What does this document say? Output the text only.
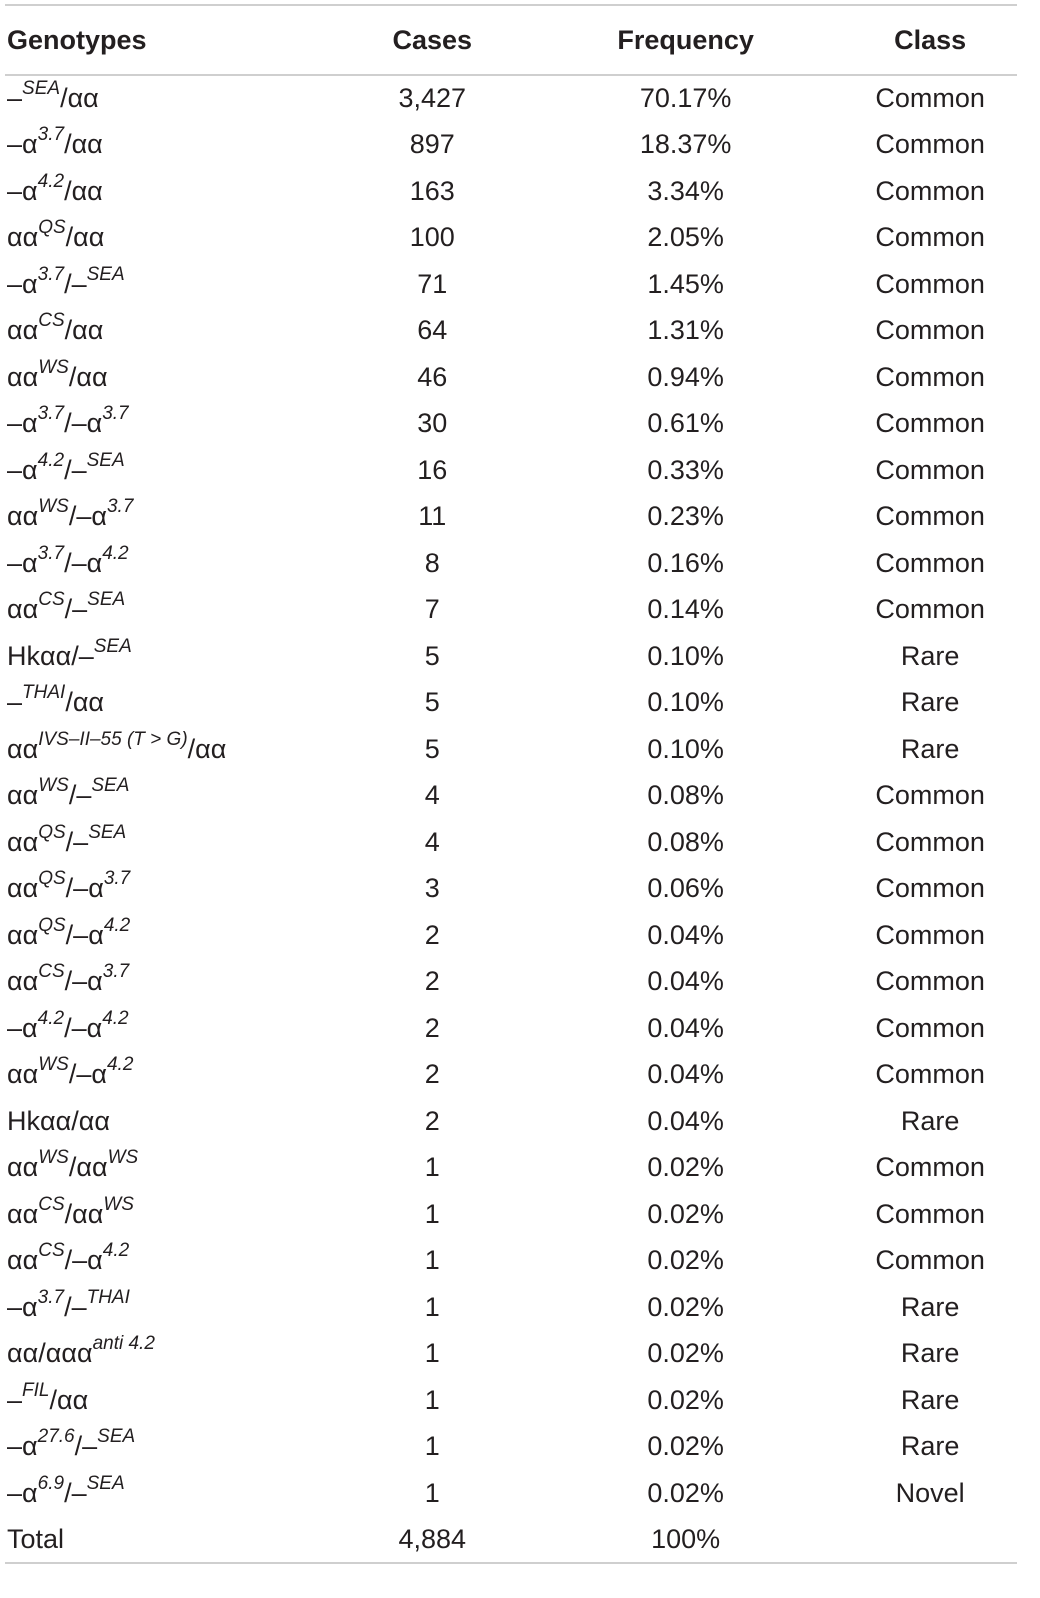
Genotypes	Cases	Frequency	Class
–$^{SEA}$/αα	3,427	70.17%	Common
$-\alpha^{3.7}/\alpha\alpha$	897	18.37%	Common
$-\alpha^{4.2}/\alpha\alpha$	163	3.34%	Common
$\alpha\alpha^{QS}/\alpha\alpha$	100	2.05%	Common
$-\alpha^{3.7}/-^{SEA}$	71	1.45%	Common
$\alpha\alpha^{CS}/\alpha\alpha$	64	1.31%	Common
$\alpha\alpha^{WS}/\alpha\alpha$	46	0.94%	Common
$-\alpha^{3.7}/-\alpha^{3.7}$	30	0.61%	Common
$-\alpha^{4.2}/-^{SEA}$	16	0.33%	Common
$\alpha\alpha^{WS}/-\alpha^{3.7}$	11	0.23%	Common
$-\alpha^{3.7}/-\alpha^{4.2}$	8	0.16%	Common
$\alpha\alpha^{CS}/-^{SEA}$	7	0.14%	Common
Hkαα/–$^{SEA}$	5	0.10%	Rare
–$^{THAI}$/αα	5	0.10%	Rare
$\alpha\alpha^{IVS-II-55 (T > G)}/\alpha\alpha$	5	0.10%	Rare
$\alpha\alpha^{WS}/-^{SEA}$	4	0.08%	Common
$\alpha\alpha^{QS}/-^{SEA}$	4	0.08%	Common
$\alpha\alpha^{QS}/-\alpha^{3.7}$	3	0.06%	Common
$\alpha\alpha^{QS}/-\alpha^{4.2}$	2	0.04%	Common
$\alpha\alpha^{CS}/-\alpha^{3.7}$	2	0.04%	Common
$-\alpha^{4.2}/-\alpha^{4.2}$	2	0.04%	Common
$\alpha\alpha^{WS}/-\alpha^{4.2}$	2	0.04%	Common
Hkαα/αα	2	0.04%	Rare
$\alpha\alpha^{WS}/\alpha\alpha^{WS}$	1	0.02%	Common
$\alpha\alpha^{CS}/\alpha\alpha^{WS}$	1	0.02%	Common
$\alpha\alpha^{CS}/-\alpha^{4.2}$	1	0.02%	Common
$-\alpha^{3.7}/-^{THAI}$	1	0.02%	Rare
αα/ααα$^{anti 4.2}$	1	0.02%	Rare
–$^{FIL}$/αα	1	0.02%	Rare
$-\alpha^{27.6}/-^{SEA}$	1	0.02%	Rare
$-\alpha^{6.9}/-^{SEA}$	1	0.02%	Novel
Total	4,884	100%	
